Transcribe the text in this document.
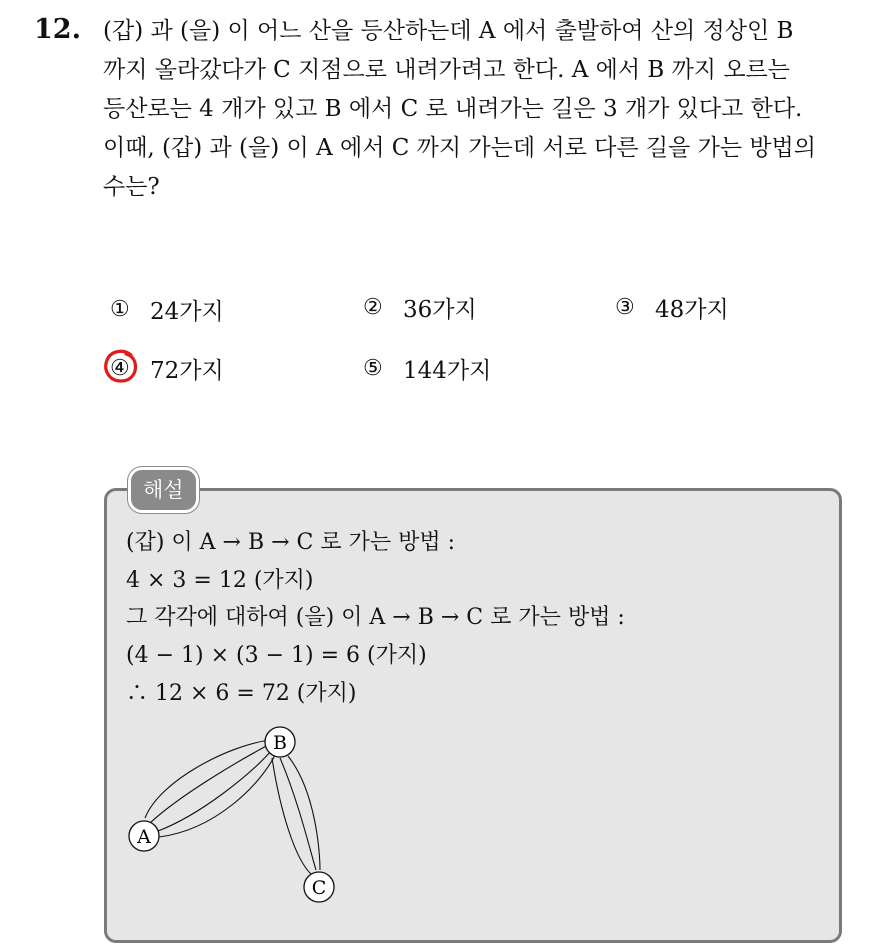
12. (갑) 과 (을) 이 어느 산을 등산하는데 A 에서 출발하여 산의 정상인 B
까지 올라갔다가 C 지점으로 내려가려고 한다. A 에서 B 까지 오르는
등산로는 4 개가 있고 B 에서 C 로 내려가는 길은 3 개가 있다고 한다.
이때, (갑) 과 (을) 이 A 에서 C 까지 가는데 서로 다른 길을 가는 방법의
수는?
① 24가지	② 36가지	③ 48가지
④ 72가지	⑤ 144가지
해설
(갑) 이 A → B → C 로 가는 방법 :
4 × 3 = 12 (가지)
그 각각에 대하여 (을) 이 A → B → C 로 가는 방법 :
(4 − 1) × (3 − 1) = 6 (가지)
∴ 12 × 6 = 72 (가지)
B
A
C
